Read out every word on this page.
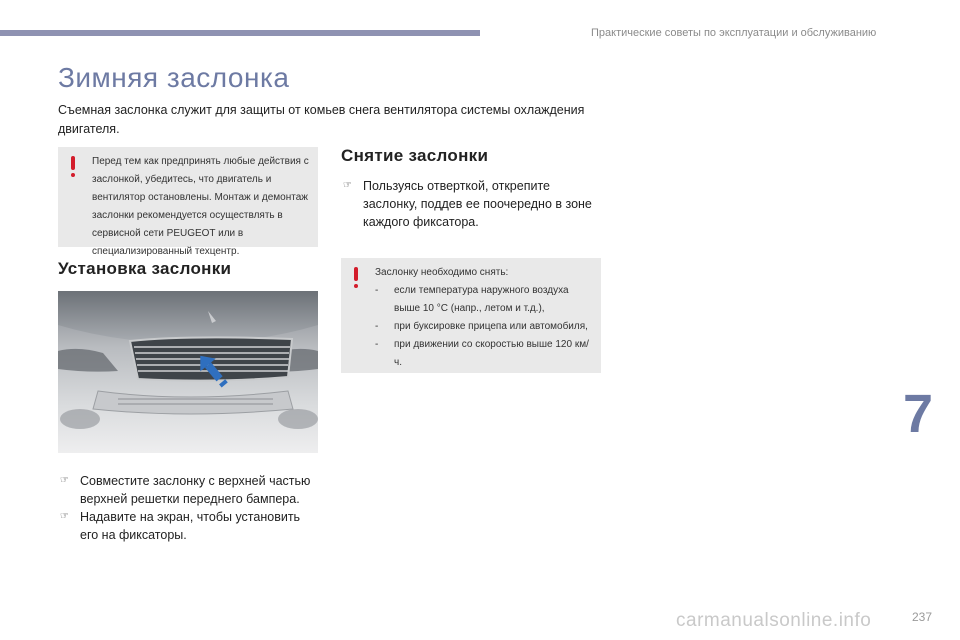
Практические советы по эксплуатации и обслуживанию
Зимняя заслонка
Съемная заслонка служит для защиты от комьев снега вентилятора системы охлаждения двигателя.
Перед тем как предпринять любые действия с заслонкой, убедитесь, что двигатель и вентилятор остановлены. Монтаж и демонтаж заслонки рекомендуется осуществлять в сервисной сети PEUGEOT или в специализированный техцентр.
Снятие заслонки
☞ Пользуясь отверткой, открепите заслонку, поддев ее поочередно в зоне каждого фиксатора.
Заслонку необходимо снять:
- если температура наружного воздуха выше 10 °C (напр., летом и т.д.),
- при буксировке прицепа или автомобиля,
- при движении со скоростью выше 120 км/ч.
Установка заслонки
☞ Совместите заслонку с верхней частью верхней решетки переднего бампера.
☞ Надавите на экран, чтобы установить его на фиксаторы.
7
carmanualsonline.info	237
